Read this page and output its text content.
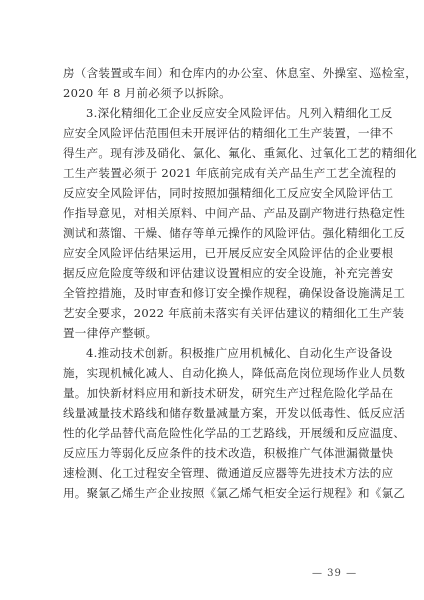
房（含装置或车间）和仓库内的办公室、休息室、外操室、巡检室，
2020 年 8 月前必须予以拆除。
3.深化精细化工企业反应安全风险评估。凡列入精细化工反
应安全风险评估范围但未开展评估的精细化工生产装置，一律不
得生产。现有涉及硝化、氯化、氟化、重氮化、过氧化工艺的精细化
工生产装置必须于 2021 年底前完成有关产品生产工艺全流程的
反应安全风险评估，同时按照加强精细化工反应安全风险评估工
作指导意见，对相关原料、中间产品、产品及副产物进行热稳定性
测试和蒸馏、干燥、储存等单元操作的风险评估。强化精细化工反
应安全风险评估结果运用，已开展反应安全风险评估的企业要根
据反应危险度等级和评估建议设置相应的安全设施，补充完善安
全管控措施，及时审查和修订安全操作规程，确保设备设施满足工
艺安全要求，2022 年底前未落实有关评估建议的精细化工生产装
置一律停产整顿。
4.推动技术创新。积极推广应用机械化、自动化生产设备设
施，实现机械化减人、自动化换人，降低高危岗位现场作业人员数
量。加快新材料应用和新技术研发，研究生产过程危险化学品在
线量减量技术路线和储存数量减量方案，开发以低毒性、低反应活
性的化学品替代高危险性化学品的工艺路线，开展缓和反应温度、
反应压力等弱化反应条件的技术改造，积极推广气体泄漏微量快
速检测、化工过程安全管理、微通道反应器等先进技术方法的应
用。聚氯乙烯生产企业按照《氯乙烯气柜安全运行规程》和《氯乙
— 39 —
